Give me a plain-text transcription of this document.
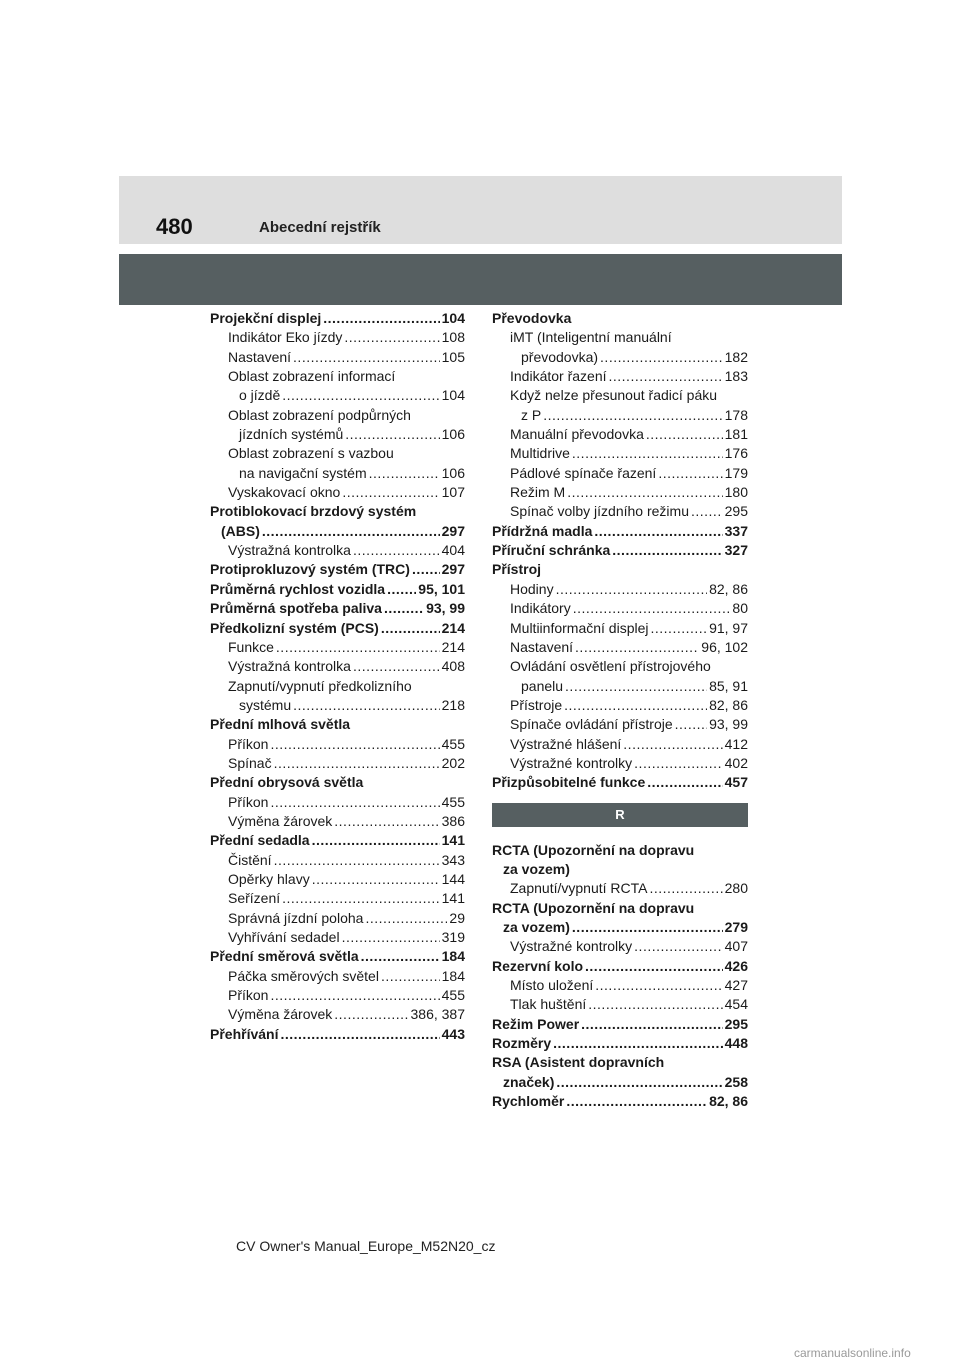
480	Abecední rejstřík
Projekční displej .....	104
Indikátor Eko jízdy .....	108
Nastavení .....	105
Oblast zobrazení informací
o jízdě .....	104
Oblast zobrazení podpůrných
jízdních systémů .....	106
Oblast zobrazení s vazbou
na navigační systém .....	106
Vyskakovací okno .....	107
Protiblokovací brzdový systém
(ABS) .....	297
Výstražná kontrolka .....	404
Protiprokluzový systém (TRC) ..... 297
Průměrná rychlost vozidla ..... 95, 101
Průměrná spotřeba paliva .....	93, 99
Předkolizní systém (PCS) .....	214
Funkce .....	214
Výstražná kontrolka .....	408
Zapnutí/vypnutí předkolizního
systému .....	218
Přední mlhová světla
Příkon .....	455
Spínač .....	202
Přední obrysová světla
Příkon .....	455
Výměna žárovek .....	386
Přední sedadla .....	141
Čistění .....	343
Opěrky hlavy .....	144
Seřízení .....	141
Správná jízdní poloha .....	29
Vyhřívání sedadel .....	319
Přední směrová světla .....	184
Páčka směrových světel .....	184
Příkon .....	455
Výměna žárovek .....	386, 387
Přehřívání .....	443
Převodovka
iMT (Inteligentní manuální
převodovka) .....	182
Indikátor řazení .....	183
Když nelze přesunout řadicí páku
z P .....	178
Manuální převodovka .....	181
Multidrive .....	176
Pádlové spínače řazení .....	179
Režim M .....	180
Spínač volby jízdního režimu .....	295
Přídržná madla .....	337
Příruční schránka .....	327
Přístroj
Hodiny .....	82, 86
Indikátory .....	80
Multiinformační displej .....	91, 97
Nastavení .....	96, 102
Ovládání osvětlení přístrojového
panelu .....	85, 91
Přístroje .....	82, 86
Spínače ovládání přístroje .....	93, 99
Výstražné hlášení .....	412
Výstražné kontrolky .....	402
Přizpůsobitelné funkce .....	457
R
RCTA (Upozornění na dopravu
za vozem)
Zapnutí/vypnutí RCTA .....	280
RCTA (Upozornění na dopravu
za vozem) .....	279
Výstražné kontrolky .....	407
Rezervní kolo .....	426
Místo uložení .....	427
Tlak huštění .....	454
Režim Power .....	295
Rozměry .....	448
RSA (Asistent dopravních
značek) .....	258
Rychloměr .....	82, 86
CV Owner's Manual_Europe_M52N20_cz
carmanualsonline.info
